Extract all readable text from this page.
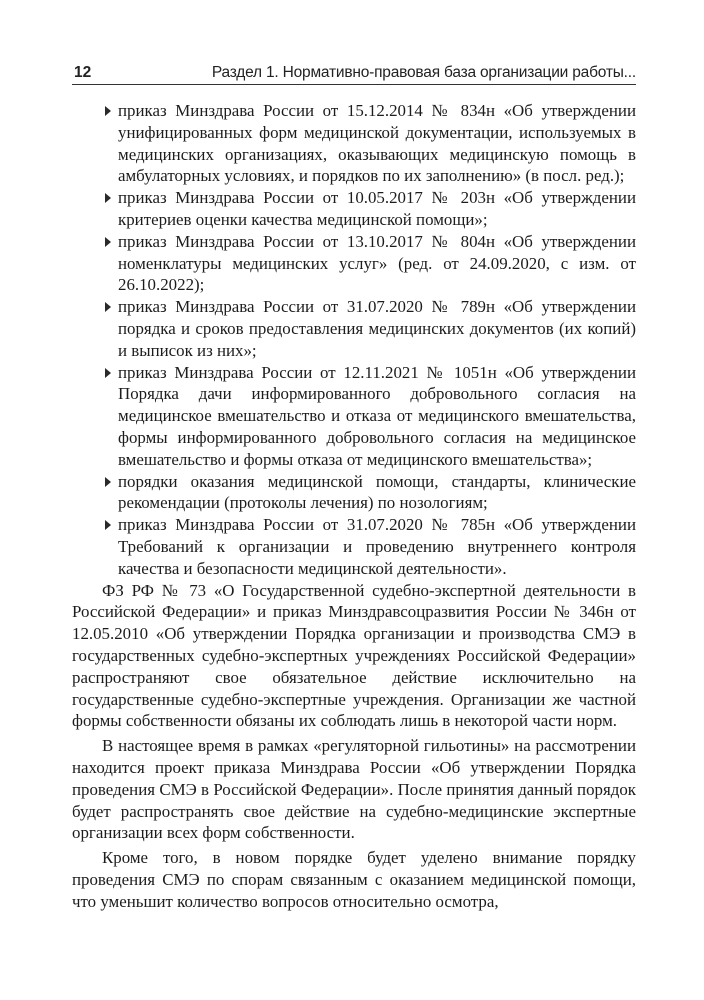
12	Раздел 1. Нормативно-правовая база организации работы...
приказ Минздрава России от 15.12.2014 № 834н «Об утверждении унифицированных форм медицинской документации, используемых в медицинских организациях, оказывающих медицинскую помощь в амбулаторных условиях, и порядков по их заполнению» (в посл. ред.);
приказ Минздрава России от 10.05.2017 № 203н «Об утверждении критериев оценки качества медицинской помощи»;
приказ Минздрава России от 13.10.2017 № 804н «Об утверждении номенклатуры медицинских услуг» (ред. от 24.09.2020, с изм. от 26.10.2022);
приказ Минздрава России от 31.07.2020 № 789н «Об утверждении порядка и сроков предоставления медицинских документов (их копий) и выписок из них»;
приказ Минздрава России от 12.11.2021 № 1051н «Об утверждении Порядка дачи информированного добровольного согласия на медицинское вмешательство и отказа от медицинского вмешательства, формы информированного добровольного согласия на медицинское вмешательство и формы отказа от медицинского вмешательства»;
порядки оказания медицинской помощи, стандарты, клинические рекомендации (протоколы лечения) по нозологиям;
приказ Минздрава России от 31.07.2020 № 785н «Об утверждении Требований к организации и проведению внутреннего контроля качества и безопасности медицинской деятельности».

ФЗ РФ № 73 «О Государственной судебно-экспертной деятельности в Российской Федерации» и приказ Минздравсоцразвития России № 346н от 12.05.2010 «Об утверждении Порядка организации и производства СМЭ в государственных судебно-экспертных учреждениях Российской Федерации» распространяют свое обязательное действие исключительно на государственные судебно-экспертные учреждения. Организации же частной формы собственности обязаны их соблюдать лишь в некоторой части норм.

В настоящее время в рамках «регуляторной гильотины» на рассмотрении находится проект приказа Минздрава России «Об утверждении Порядка проведения СМЭ в Российской Федерации». После принятия данный порядок будет распространять свое действие на судебно-медицинские экспертные организации всех форм собственности.

Кроме того, в новом порядке будет уделено внимание порядку проведения СМЭ по спорам связанным с оказанием медицинской помощи, что уменьшит количество вопросов относительно осмотра,
